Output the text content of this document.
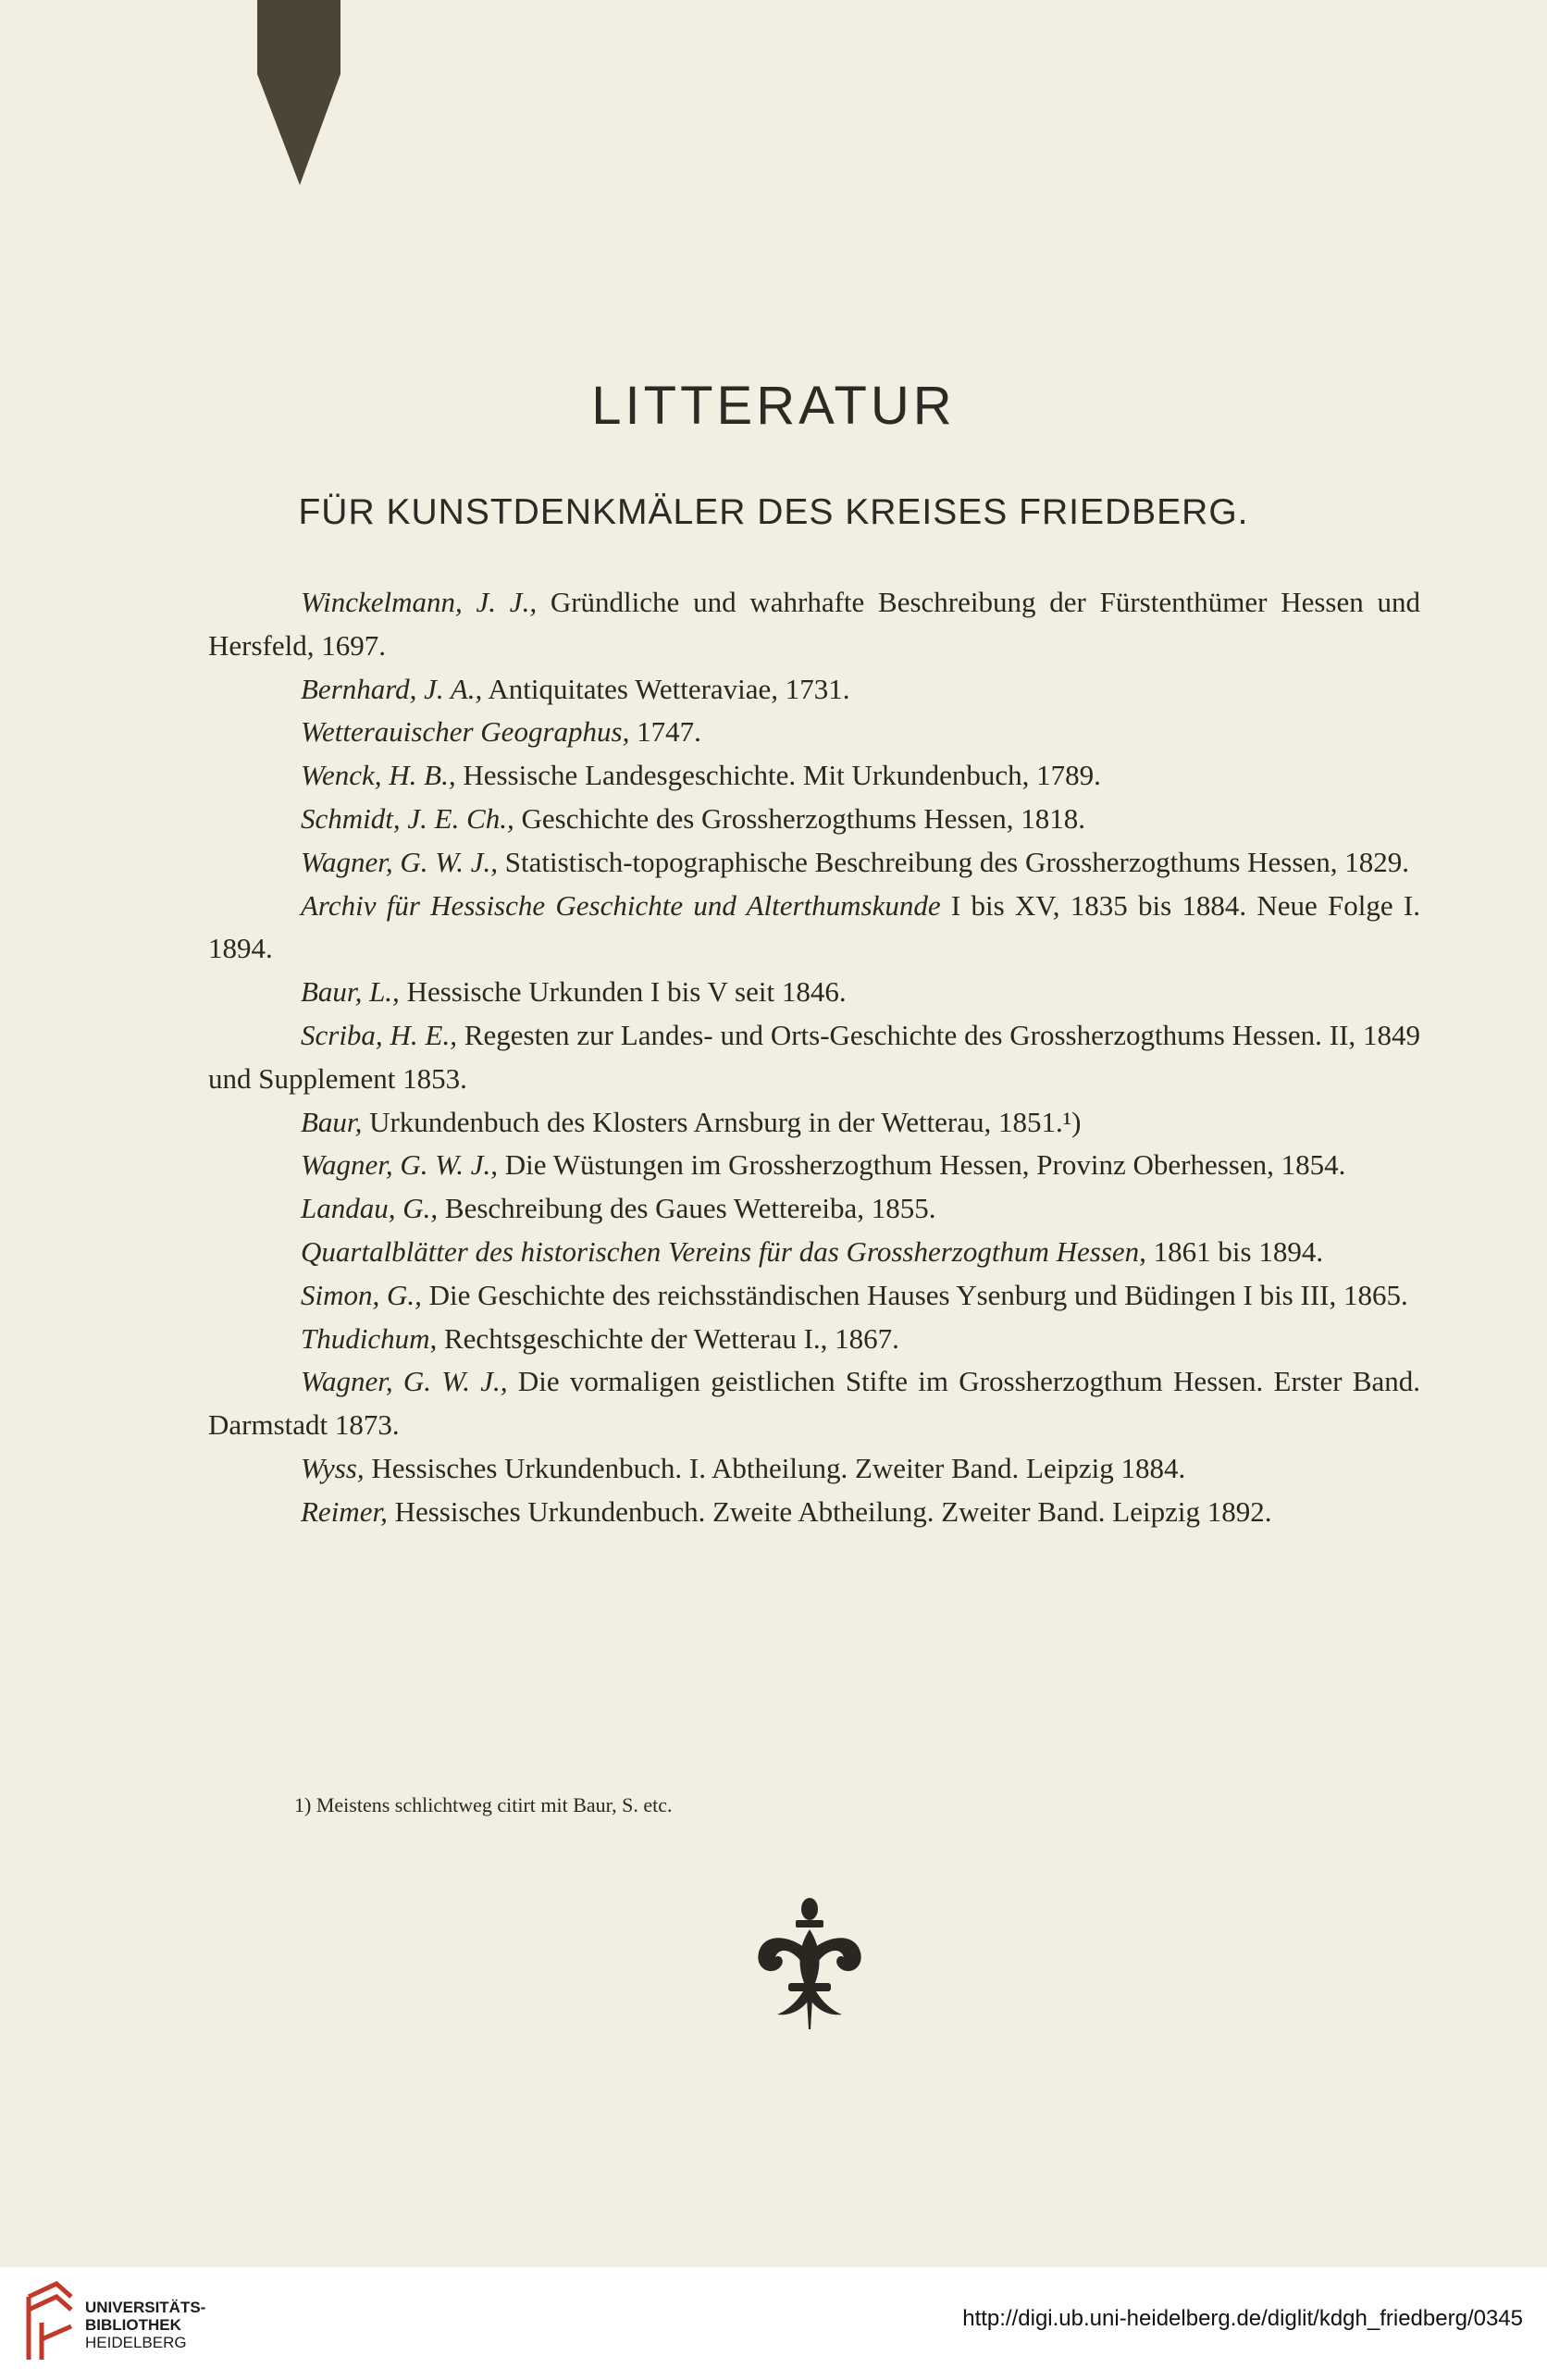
LITTERATUR
FÜR KUNSTDENKMÄLER DES KREISES FRIEDBERG.

Winckelmann, J. J., Gründliche und wahrhafte Beschreibung der Fürstenthümer Hessen und Hersfeld, 1697.

Bernhard, J. A., Antiquitates Wetteraviae, 1731.

Wetterauischer Geographus, 1747.

Wenck, H. B., Hessische Landesgeschichte. Mit Urkundenbuch, 1789.

Schmidt, J. E. Ch., Geschichte des Grossherzogthums Hessen, 1818.

Wagner, G. W. J., Statistisch-topographische Beschreibung des Grossherzogthums Hessen, 1829.

Archiv für Hessische Geschichte und Alterthumskunde I bis XV, 1835 bis 1884. Neue Folge I. 1894.

Baur, L., Hessische Urkunden I bis V seit 1846.

Scriba, H. E., Regesten zur Landes- und Orts-Geschichte des Grossherzogthums Hessen. II, 1849 und Supplement 1853.

Baur, Urkundenbuch des Klosters Arnsburg in der Wetterau, 1851.¹)

Wagner, G. W. J., Die Wüstungen im Grossherzogthum Hessen, Provinz Oberhessen, 1854.

Landau, G., Beschreibung des Gaues Wettereiba, 1855.

Quartalblätter des historischen Vereins für das Grossherzogthum Hessen, 1861 bis 1894.

Simon, G., Die Geschichte des reichsständischen Hauses Ysenburg und Büdingen I bis III, 1865.

Thudichum, Rechtsgeschichte der Wetterau I., 1867.

Wagner, G. W. J., Die vormaligen geistlichen Stifte im Grossherzogthum Hessen. Erster Band. Darmstadt 1873.

Wyss, Hessisches Urkundenbuch. I. Abtheilung. Zweiter Band. Leipzig 1884.

Reimer, Hessisches Urkundenbuch. Zweite Abtheilung. Zweiter Band. Leipzig 1892.

1) Meistens schlichtweg citirt mit Baur, S. etc.
UNIVERSITÄTS-
BIBLIOTHEK
HEIDELBERG
http://digi.ub.uni-heidelberg.de/diglit/kdgh_friedberg/0345
